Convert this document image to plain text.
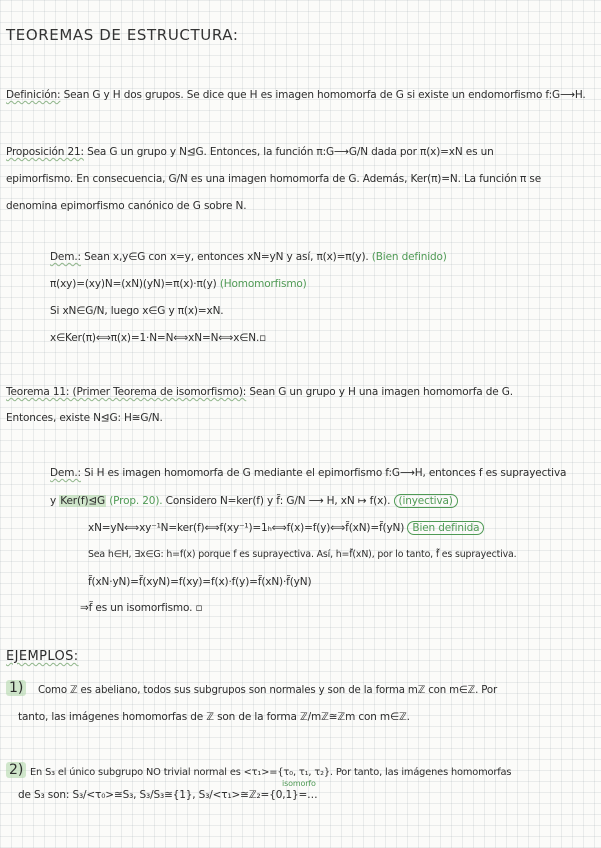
TEOREMAS DE ESTRUCTURA:
Definición: Sean G y H dos grupos. Se dice que H es imagen homomorfa de G si existe un endomorfismo f:G⟶H.
Proposición 21: Sea G un grupo y N⊴G. Entonces, la función π:G⟶G/N dada por π(x)=xN es un
epimorfismo. En consecuencia, G/N es una imagen homomorfa de G. Además, Ker(π)=N. La función π se
denomina epimorfismo canónico de G sobre N.
Dem.: Sean x,y∈G con x=y, entonces xN=yN y así, π(x)=π(y). (Bien definido)
π(xy)=(xy)N=(xN)(yN)=π(x)·π(y) (Homomorfismo)
Si xN∈G/N, luego x∈G y π(x)=xN.
x∈Ker(π)⟺π(x)=1·N=N⟺xN=N⟺x∈N.▫
Teorema 11: (Primer Teorema de isomorfismo): Sean G un grupo y H una imagen homomorfa de G.
Entonces, existe N⊴G: H≅G/N.
Dem.: Si H es imagen homomorfa de G mediante el epimorfismo f:G⟶H, entonces f es suprayectiva
y Ker(f)⊴G (Prop. 20). Considero N=ker(f) y f̃: G/N ⟶ H, xN ↦ f(x). (inyectiva)
xN=yN⟺xy⁻¹N=ker(f)⟺f(xy⁻¹)=1ₕ⟺f(x)=f(y)⟺f̃(xN)=f̃(yN) Bien definida
Sea h∈H, ∃x∈G: h=f(x) porque f es suprayectiva. Así, h=f̃(xN), por lo tanto, f̃ es suprayectiva.
f̃(xN·yN)=f̃(xyN)=f(xy)=f(x)·f(y)=f̃(xN)·f̃(yN)
⇒f̃ es un isomorfismo. ▫
EJEMPLOS:
1) Como ℤ es abeliano, todos sus subgrupos son normales y son de la forma mℤ con m∈ℤ. Por
tanto, las imágenes homomorfas de ℤ son de la forma ℤ/mℤ≅ℤm con m∈ℤ.
2) En S₃ el único subgrupo NO trivial normal es <τ₁>={τ₀, τ₁, τ₂}. Por tanto, las imágenes homomorfas
isomorfo
de S₃ son: S₃/<τ₀>≅S₃, S₃/S₃≅{1}, S₃/<τ₁>≅ℤ₂={0,1}=…
